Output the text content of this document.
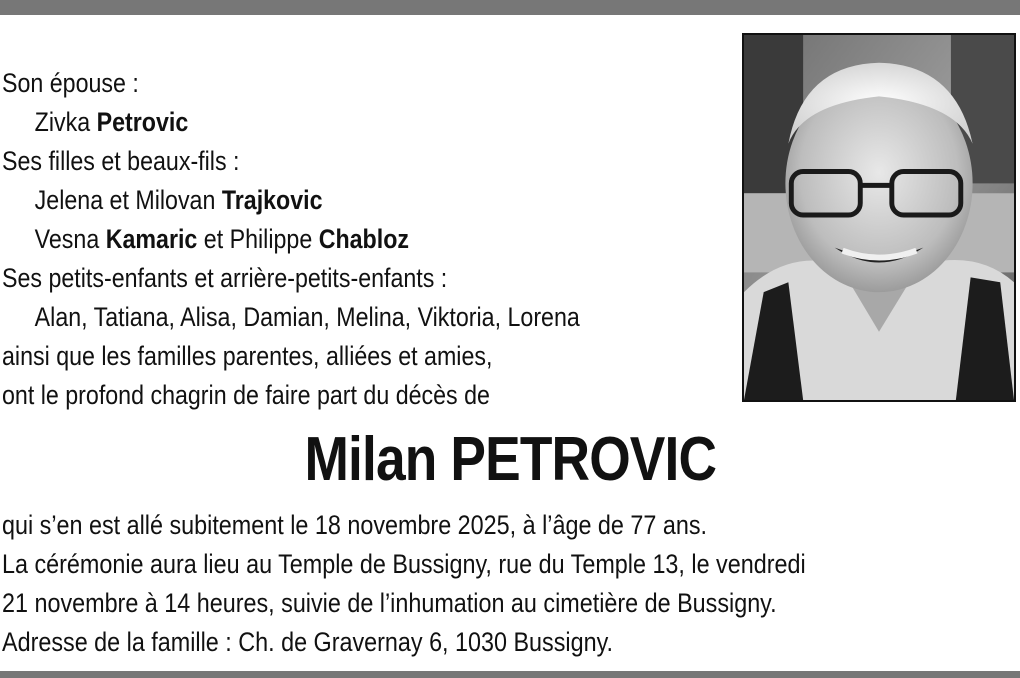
Son épouse :
Zivka Petrovic
Ses filles et beaux-fils :
Jelena et Milovan Trajkovic
Vesna Kamaric et Philippe Chabloz
Ses petits-enfants et arrière-petits-enfants :
Alan, Tatiana, Alisa, Damian, Melina, Viktoria, Lorena
ainsi que les familles parentes, alliées et amies,
ont le profond chagrin de faire part du décès de
Milan PETROVIC
qui s’en est allé subitement le 18 novembre 2025, à l’âge de 77 ans.
La cérémonie aura lieu au Temple de Bussigny, rue du Temple 13, le vendredi
21 novembre à 14 heures, suivie de l’inhumation au cimetière de Bussigny.
Adresse de la famille : Ch. de Gravernay 6, 1030 Bussigny.
